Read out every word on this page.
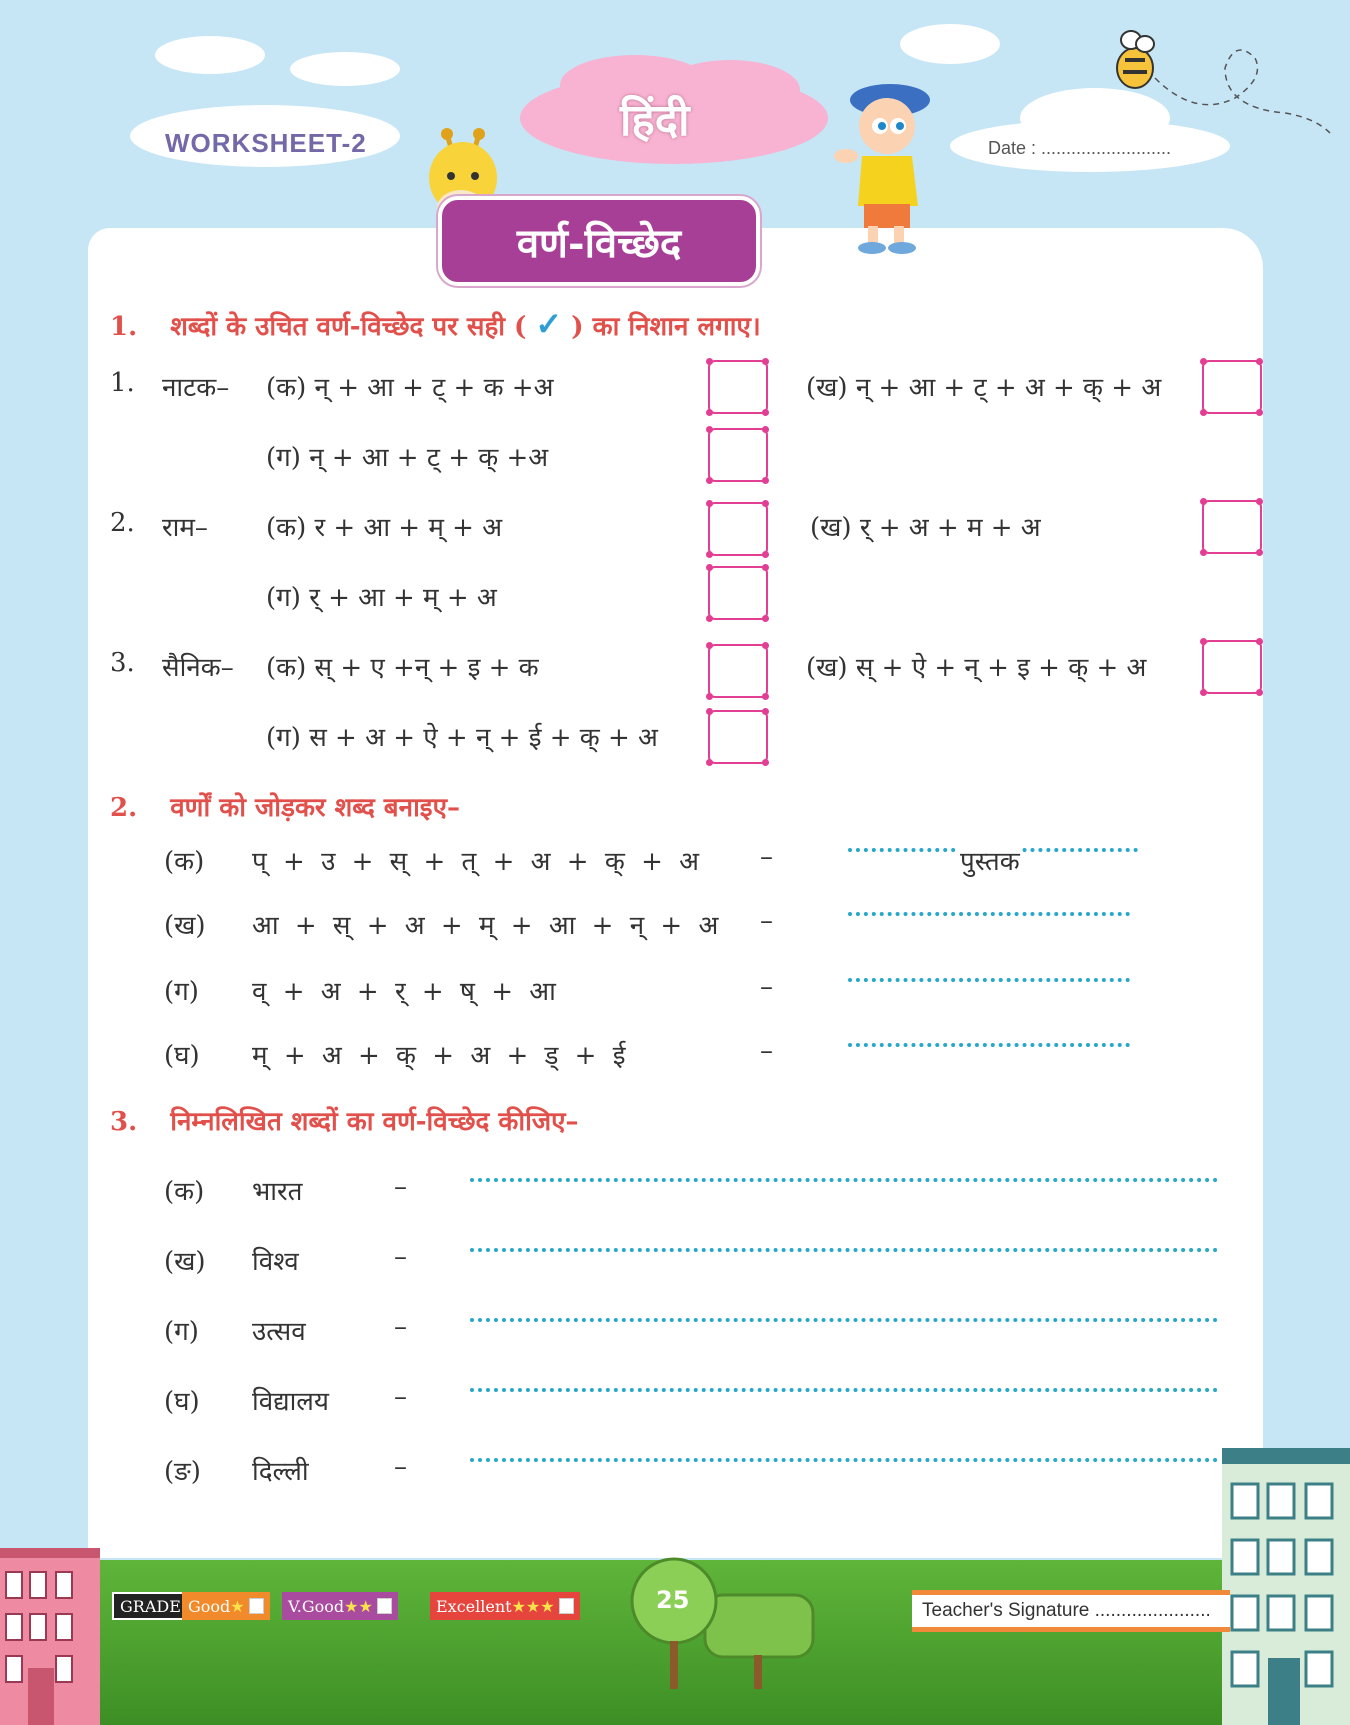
WORKSHEET-2	हिंदी
Date : ..........................
वर्ण-विच्छेद
1. शब्दों के उचित वर्ण-विच्छेद पर सही ( ✓ ) का निशान लगाए।
1. नाटक– (क) न् + आ + ट् + क +अ	(ख) न् + आ + ट् + अ + क् + अ
(ग) न् + आ + ट् + क् +अ
2. राम– (क) र + आ + म् + अ	(ख) र् + अ + म + अ
(ग) र् + आ + म् + अ
3. सैनिक– (क) स् + ए +न् + इ + क	(ख) स् + ऐ + न् + इ + क् + अ
(ग) स + अ + ऐ + न् + ई + क् + अ
2. वर्णों को जोड़कर शब्द बनाइए–
(क) प् + उ + स् + त् + अ + क् + अ –	पुस्तक
(ख) आ + स् + अ + म् + आ + न् + अ –
(ग) व् + अ + र् + ष् + आ	–
(घ) म् + अ + क् + अ + ड् + ई	–
3. निम्नलिखित शब्दों का वर्ण-विच्छेद कीजिए–
(क) भारत	–
(ख) विश्व	–
(ग) उत्सव	–
(घ) विद्यालय –
(ङ) दिल्ली	–
25
GRADE Good ★	V.Good ★ ★	Excellent ★ ★ ★	Teacher's Signature ......................
